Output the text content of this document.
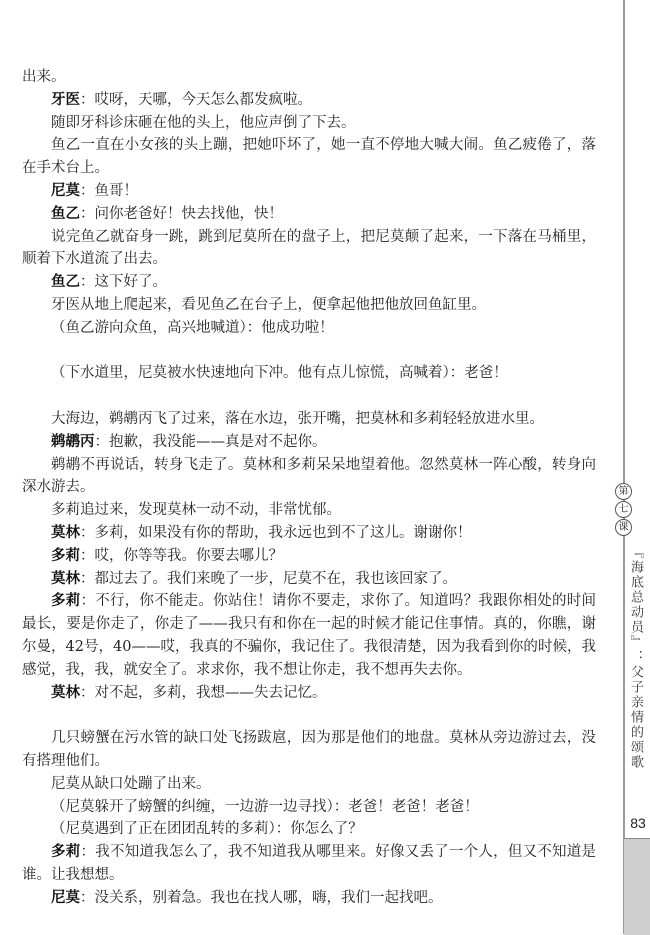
出来。

牙医：哎呀，天哪，今天怎么都发疯啦。

随即牙科诊床砸在他的头上，他应声倒了下去。

鱼乙一直在小女孩的头上蹦，把她吓坏了，她一直不停地大喊大闹。鱼乙疲倦了，落在手术台上。

尼莫：鱼哥！

鱼乙：问你老爸好！快去找他，快！

说完鱼乙就奋身一跳，跳到尼莫所在的盘子上，把尼莫颠了起来，一下落在马桶里，顺着下水道流了出去。

鱼乙：这下好了。

牙医从地上爬起来，看见鱼乙在台子上，便拿起他把他放回鱼缸里。

（鱼乙游向众鱼，高兴地喊道）：他成功啦！

（下水道里，尼莫被水快速地向下冲。他有点儿惊慌，高喊着）：老爸！

大海边，鹈鹕丙飞了过来，落在水边，张开嘴，把莫林和多莉轻轻放进水里。

鹈鹕丙：抱歉，我没能——真是对不起你。

鹈鹕不再说话，转身飞走了。莫林和多莉呆呆地望着他。忽然莫林一阵心酸，转身向深水游去。

多莉追过来，发现莫林一动不动，非常忧郁。

莫林：多莉，如果没有你的帮助，我永远也到不了这儿。谢谢你！

多莉：哎，你等等我。你要去哪儿？

莫林：都过去了。我们来晚了一步，尼莫不在，我也该回家了。

多莉：不行，你不能走。你站住！请你不要走，求你了。知道吗？我跟你相处的时间最长，要是你走了，你走了——我只有和你在一起的时候才能记住事情。真的，你瞧，谢尔曼，42号，40——哎，我真的不骗你，我记住了。我很清楚，因为我看到你的时候，我感觉，我，我，就安全了。求求你，我不想让你走，我不想再失去你。

莫林：对不起，多莉，我想——失去记忆。

几只螃蟹在污水管的缺口处飞扬跋扈，因为那是他们的地盘。莫林从旁边游过去，没有搭理他们。

尼莫从缺口处蹦了出来。

（尼莫躲开了螃蟹的纠缠，一边游一边寻找）：老爸！老爸！老爸！

（尼莫遇到了正在团团乱转的多莉）：你怎么了？

多莉：我不知道我怎么了，我不知道我从哪里来。好像又丢了一个人，但又不知道是谁。让我想想。

尼莫：没关系，别着急。我也在找人哪，嗨，我们一起找吧。

第
七
课
『海底总动员』：父子亲情的颂歌
83
